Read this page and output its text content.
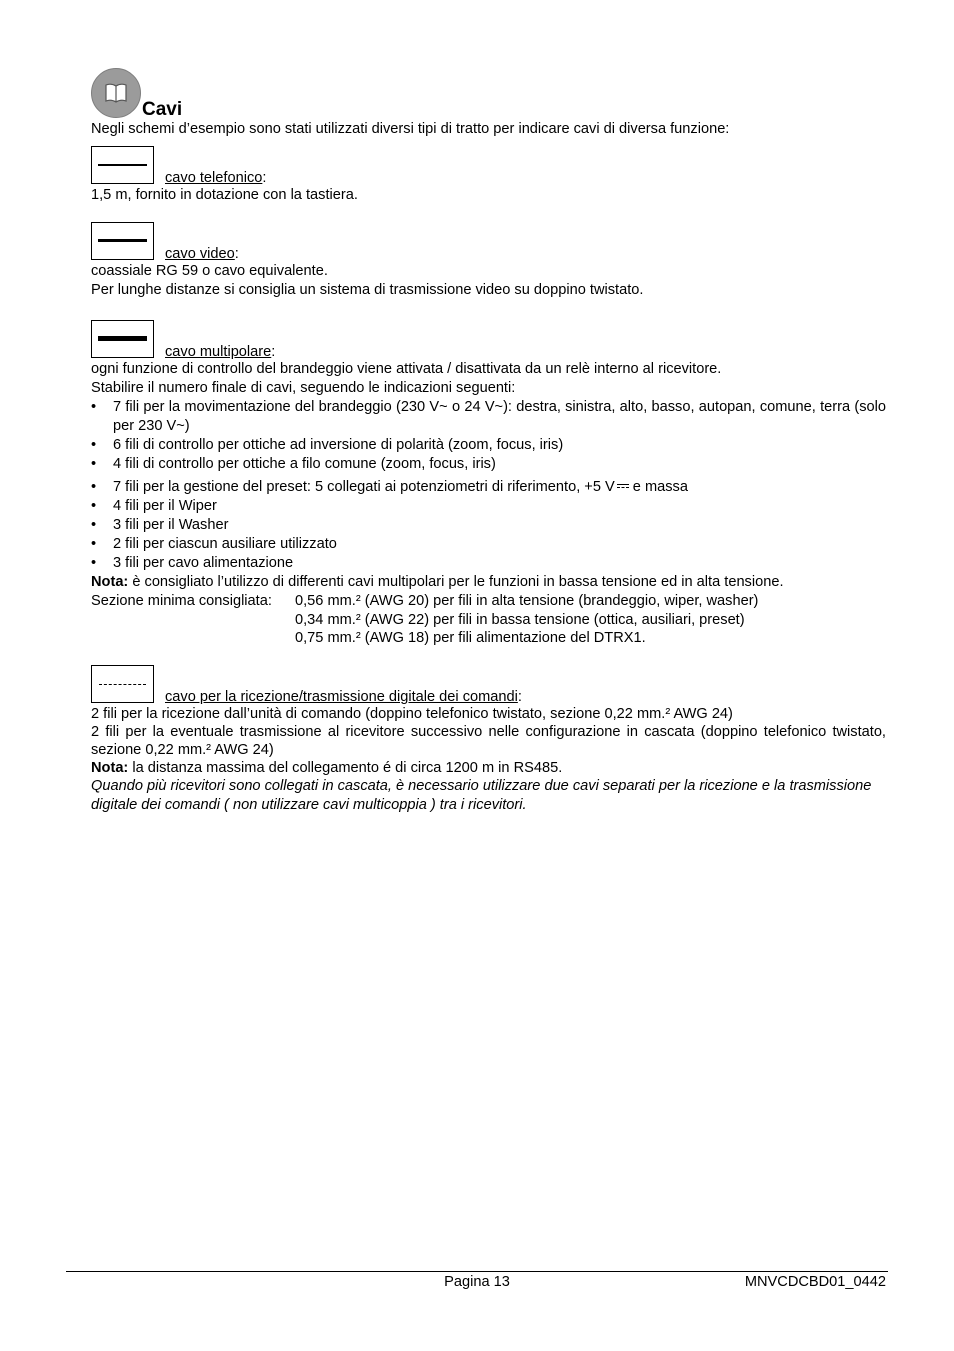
Cavi
Negli schemi d’esempio sono stati utilizzati diversi tipi di tratto per indicare cavi di diversa funzione:
cavo telefonico:
1,5 m, fornito in dotazione con la tastiera.
cavo video:
coassiale RG 59 o cavo equivalente.
Per lunghe distanze si consiglia un sistema di trasmissione video su doppino twistato.
cavo multipolare:
ogni funzione di controllo del brandeggio viene attivata / disattivata da un relè interno al ricevitore.
Stabilire il numero finale di cavi, seguendo le indicazioni seguenti:
• 7 fili per la movimentazione del brandeggio (230 V~ o 24 V~): destra, sinistra, alto, basso, autopan, comune, terra (solo per 230 V~)
• 6 fili di controllo per ottiche ad inversione di polarità (zoom, focus, iris)
• 4 fili di controllo per ottiche a filo comune (zoom, focus, iris)
• 7 fili per la gestione del preset: 5 collegati ai potenziometri di riferimento, +5 V e massa
• 4 fili per il Wiper
• 3 fili per il Washer
• 2 fili per ciascun ausiliare utilizzato
• 3 fili per cavo alimentazione
Nota: è consigliato l’utilizzo di differenti cavi multipolari per le funzioni in bassa tensione ed in alta tensione.
Sezione minima consigliata:	0,56 mm.² (AWG 20) per fili in alta tensione (brandeggio, wiper, washer)
0,34 mm.² (AWG 22) per fili in bassa tensione (ottica, ausiliari, preset)
0,75 mm.² (AWG 18) per fili alimentazione del DTRX1.
cavo per la ricezione/trasmissione digitale dei comandi:
2 fili per la ricezione dall’unità di comando (doppino telefonico twistato, sezione 0,22 mm.² AWG 24)
2 fili per la eventuale trasmissione al ricevitore successivo nelle configurazione in cascata (doppino telefonico twistato, sezione 0,22 mm.² AWG 24)
Nota: la distanza massima del collegamento é di circa 1200 m in RS485.
Quando più ricevitori sono collegati in cascata, è necessario utilizzare due cavi separati per la ricezione e la trasmissione digitale dei comandi ( non utilizzare cavi multicoppia ) tra i ricevitori.
Pagina 13	MNVCDCBD01_0442
